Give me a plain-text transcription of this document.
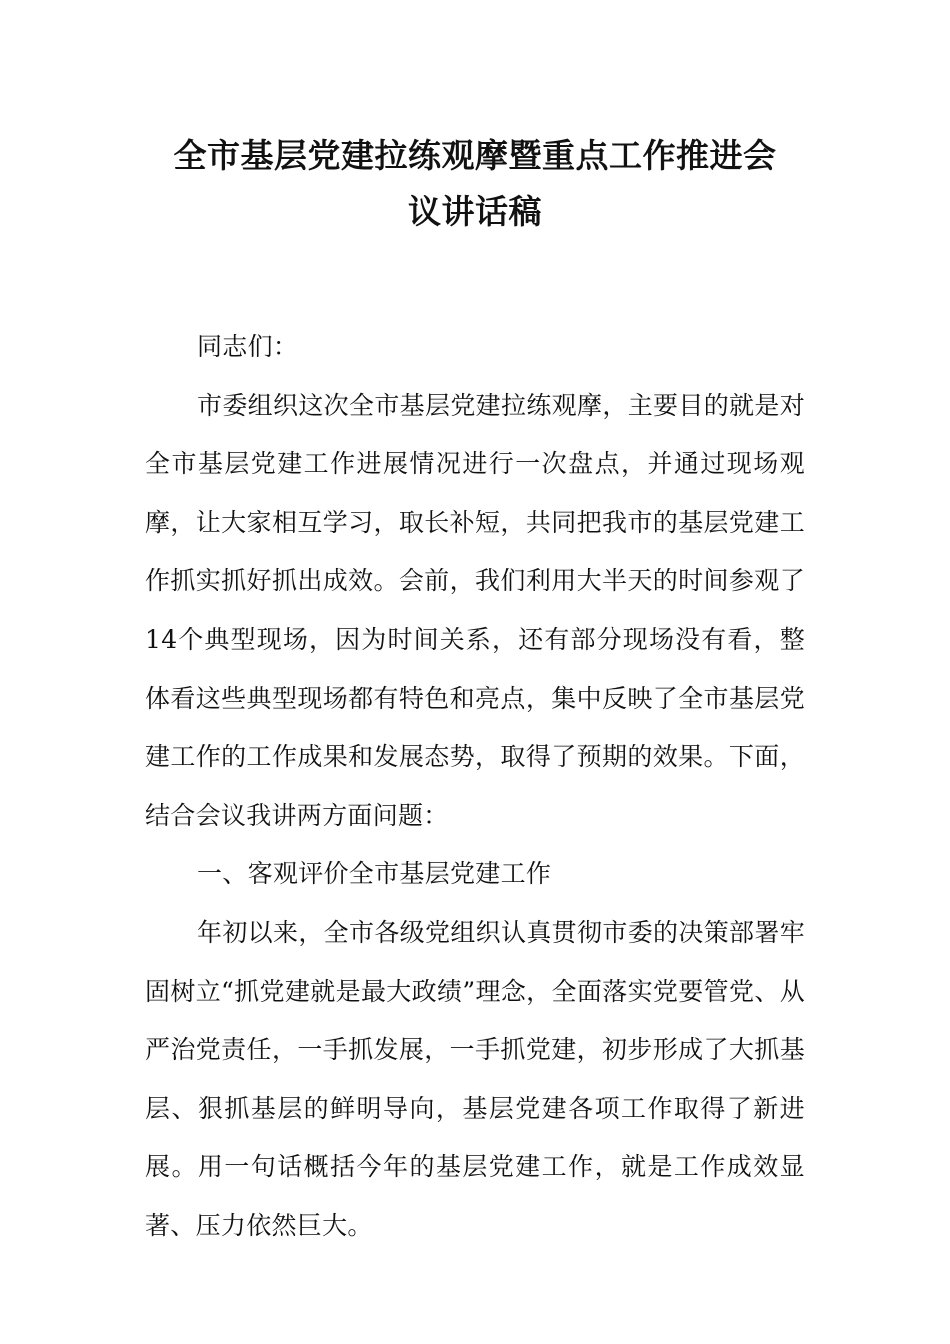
全市基层党建拉练观摩暨重点工作推进会
议讲话稿

同志们：

市委组织这次全市基层党建拉练观摩，主要目的就是对全市基层党建工作进展情况进行一次盘点，并通过现场观摩，让大家相互学习，取长补短，共同把我市的基层党建工作抓实抓好抓出成效。会前，我们利用大半天的时间参观了14个典型现场，因为时间关系，还有部分现场没有看，整体看这些典型现场都有特色和亮点，集中反映了全市基层党建工作的工作成果和发展态势，取得了预期的效果。下面，结合会议我讲两方面问题：

一、客观评价全市基层党建工作

年初以来，全市各级党组织认真贯彻市委的决策部署牢固树立“抓党建就是最大政绩”理念，全面落实党要管党、从严治党责任，一手抓发展，一手抓党建，初步形成了大抓基层、狠抓基层的鲜明导向，基层党建各项工作取得了新进展。用一句话概括今年的基层党建工作，就是工作成效显著、压力依然巨大。
